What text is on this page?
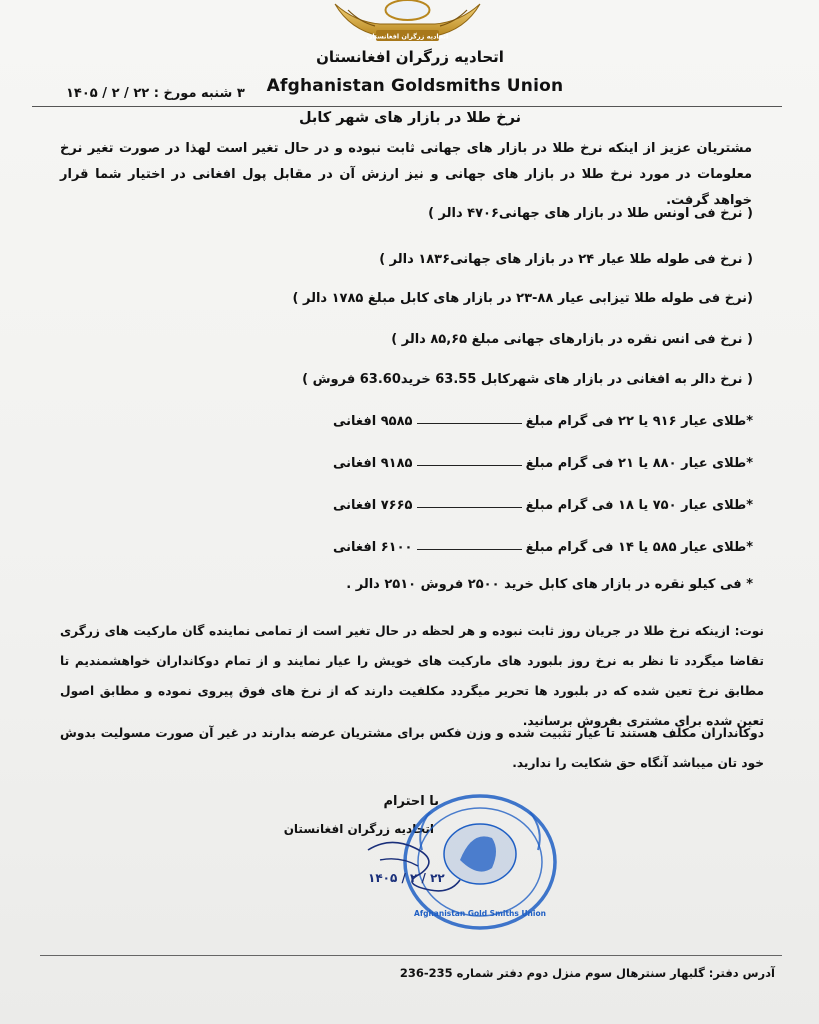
اتحادیه زرگران افغانستان
اتحادیه زرگران افغانستان
۳ شنبه مورخ : ۲۲ / ۲ / ۱۴۰۵	Afghanistan Goldsmiths Union
نرخ طلا در بازار های شهر کابل
مشتریان عزیز از اینکه نرخ طلا در بازار های جهانی ثابت نبوده و در حال تغیر است لهذا در صورت تغیر نرخ معلومات در مورد نرخ طلا در بازار های جهانی و نیز ارزش آن در مقابل پول افغانی در اختیار شما قرار خواهد گرفت.
( نرخ فی اونس طلا در بازار های جهانی۴۷۰۶ دالر )
( نرخ فی طوله طلا عیار ۲۴ در بازار های جهانی۱۸۳۶ دالر )
(نرخ فی طوله طلا تیزابی عیار ۸۸-۲۳ در بازار های کابل مبلغ ۱۷۸۵ دالر )
( نرخ فی انس نقره در بازارهای جهانی مبلغ ۸۵,۶۵ دالر )
( نرخ دالر به افغانی در بازار های شهرکابل 63.55 خرید63.60 فروش )
*طلای عیار ۹۱۶ یا ۲۲ فی گرام مبلغ
۹۵۸۵ افغانی
*طلای عیار ۸۸۰ یا ۲۱ فی گرام مبلغ
۹۱۸۵ افغانی
*طلای عیار ۷۵۰ یا ۱۸ فی گرام مبلغ
۷۶۶۵ افغانی
*طلای عیار ۵۸۵ یا ۱۴ فی گرام مبلغ
۶۱۰۰ افغانی
* فی کیلو نقره در بازار های کابل خرید ۲۵۰۰ فروش ۲۵۱۰ دالر .
نوت: ازینکه نرخ طلا در جریان روز ثابت نبوده و هر لحظه در حال تغیر است از تمامی نماینده گان مارکیت های زرگری تقاضا میگردد تا نظر به نرخ روز بلبورد های مارکیت های خویش را عیار نمایند و از تمام دوکانداران خواهشمندیم تا مطابق نرخ تعین شده که در بلبورد ها تحریر میگردد مکلفیت دارند که از نرخ های فوق پیروی نموده و مطابق اصول تعین شده برای مشتری بفروش برسانید.
دوکانداران مکلف هستند تا عیار تثبیت شده و وزن فکس برای مشتریان عرضه بدارند در غیر آن صورت مسولیت بدوش خود تان میباشد آنگاه حق شکایت را ندارید.
با احترام
اتحادیه زرگران افغانستان
Afghanistan Gold Smiths Union
۱۴۰۵ / ۲ / ۲۲
آدرس دفتر: گلبهار سنترهال سوم منزل دوم دفتر شماره 235-236
